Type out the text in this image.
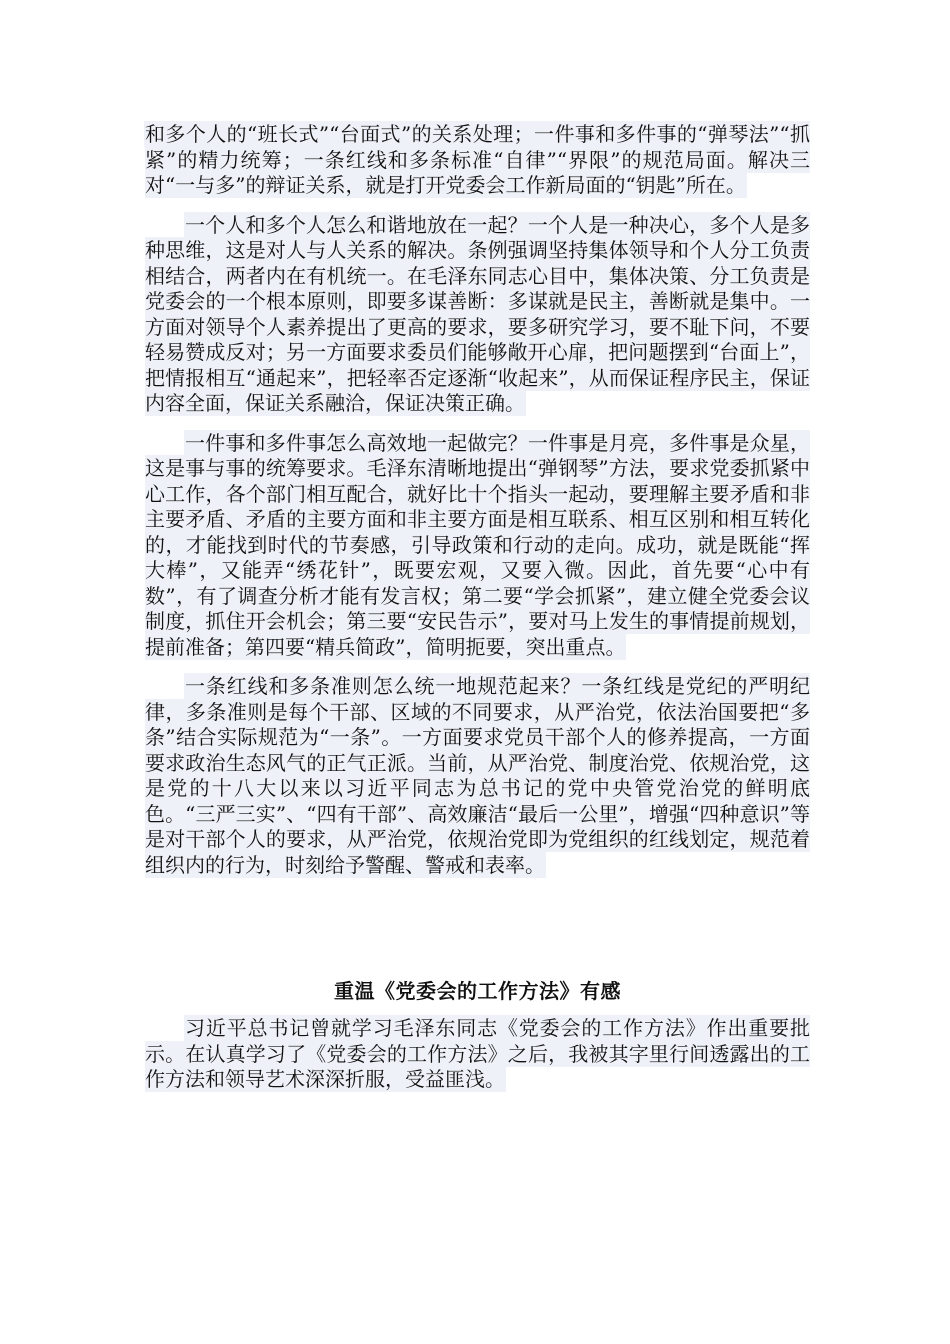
和多个人的“班长式”“台面式”的关系处理；一件事和多件事的“弹琴法”“抓紧”的精力统筹；一条红线和多条标准“自律”“界限”的规范局面。解决三对“一与多”的辩证关系，就是打开党委会工作新局面的“钥匙”所在。

一个人和多个人怎么和谐地放在一起？一个人是一种决心，多个人是多种思维，这是对人与人关系的解决。条例强调坚持集体领导和个人分工负责相结合，两者内在有机统一。在毛泽东同志心目中，集体决策、分工负责是党委会的一个根本原则，即要多谋善断：多谋就是民主，善断就是集中。一方面对领导个人素养提出了更高的要求，要多研究学习，要不耻下问，不要轻易赞成反对；另一方面要求委员们能够敞开心扉，把问题摆到“台面上”，把情报相互“通起来”，把轻率否定逐渐“收起来”，从而保证程序民主，保证内容全面，保证关系融洽，保证决策正确。

一件事和多件事怎么高效地一起做完？一件事是月亮，多件事是众星，这是事与事的统筹要求。毛泽东清晰地提出“弹钢琴”方法，要求党委抓紧中心工作，各个部门相互配合，就好比十个指头一起动，要理解主要矛盾和非主要矛盾、矛盾的主要方面和非主要方面是相互联系、相互区别和相互转化的，才能找到时代的节奏感，引导政策和行动的走向。成功，就是既能“挥大棒”，又能弄“绣花针”，既要宏观，又要入微。因此，首先要“心中有数”，有了调查分析才能有发言权；第二要“学会抓紧”，建立健全党委会议制度，抓住开会机会；第三要“安民告示”，要对马上发生的事情提前规划，提前准备；第四要“精兵简政”，简明扼要，突出重点。

一条红线和多条准则怎么统一地规范起来？一条红线是党纪的严明纪律，多条准则是每个干部、区域的不同要求，从严治党，依法治国要把“多条”结合实际规范为“一条”。一方面要求党员干部个人的修养提高，一方面要求政治生态风气的正气正派。当前，从严治党、制度治党、依规治党，这是党的十八大以来以习近平同志为总书记的党中央管党治党的鲜明底色。“三严三实”、“四有干部”、高效廉洁“最后一公里”，增强“四种意识”等是对干部个人的要求，从严治党，依规治党即为党组织的红线划定，规范着组织内的行为，时刻给予警醒、警戒和表率。

重温《党委会的工作方法》有感

习近平总书记曾就学习毛泽东同志《党委会的工作方法》作出重要批示。在认真学习了《党委会的工作方法》之后，我被其字里行间透露出的工作方法和领导艺术深深折服，受益匪浅。
